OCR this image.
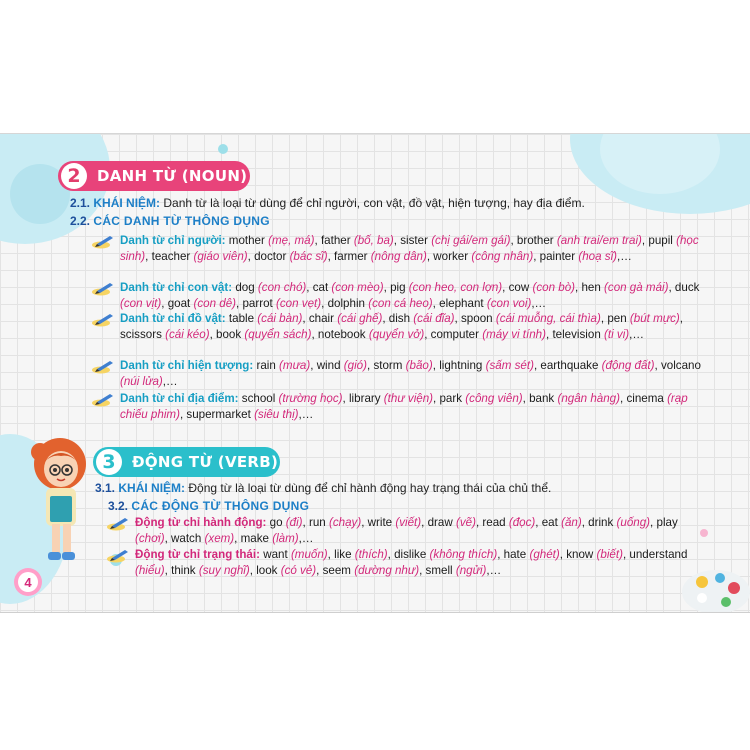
2	DANH TỪ (NOUN)
2.1. KHÁI NIỆM: Danh từ là loại từ dùng để chỉ người, con vật, đồ vật, hiện tượng, hay địa điểm.
2.2. CÁC DANH TỪ THÔNG DỤNG
Danh từ chỉ người: mother (mẹ, má), father (bố, ba), sister (chị gái/em gái), brother (anh trai/em trai), pupil (học sinh), teacher (giáo viên), doctor (bác sĩ), farmer (nông dân), worker (công nhân), painter (hoạ sĩ),…
Danh từ chỉ con vật: dog (con chó), cat (con mèo), pig (con heo, con lợn), cow (con bò), hen (con gà mái), duck (con vịt), goat (con dê), parrot (con vẹt), dolphin (con cá heo), elephant (con voi),…
Danh từ chỉ đồ vật: table (cái bàn), chair (cái ghế), dish (cái đĩa), spoon (cái muỗng, cái thìa), pen (bút mực), scissors (cái kéo), book (quyển sách), notebook (quyển vở), computer (máy vi tính), television (ti vi),…
Danh từ chỉ hiện tượng: rain (mưa), wind (gió), storm (bão), lightning (sấm sét), earthquake (động đất), volcano (núi lửa),…
Danh từ chỉ địa điểm: school (trường học), library (thư viện), park (công viên), bank (ngân hàng), cinema (rạp chiếu phim), supermarket (siêu thị),…
3	ĐỘNG TỪ (VERB)
3.1. KHÁI NIỆM: Động từ là loại từ dùng để chỉ hành động hay trạng thái của chủ thể.
3.2. CÁC ĐỘNG TỪ THÔNG DỤNG
Động từ chỉ hành động: go (đi), run (chạy), write (viết), draw (vẽ), read (đọc), eat (ăn), drink (uống), play (chơi), watch (xem), make (làm),…
Động từ chỉ trạng thái: want (muốn), like (thích), dislike (không thích), hate (ghét), know (biết), understand (hiểu), think (suy nghĩ), look (có vẻ), seem (dường như), smell (ngửi),…
4
